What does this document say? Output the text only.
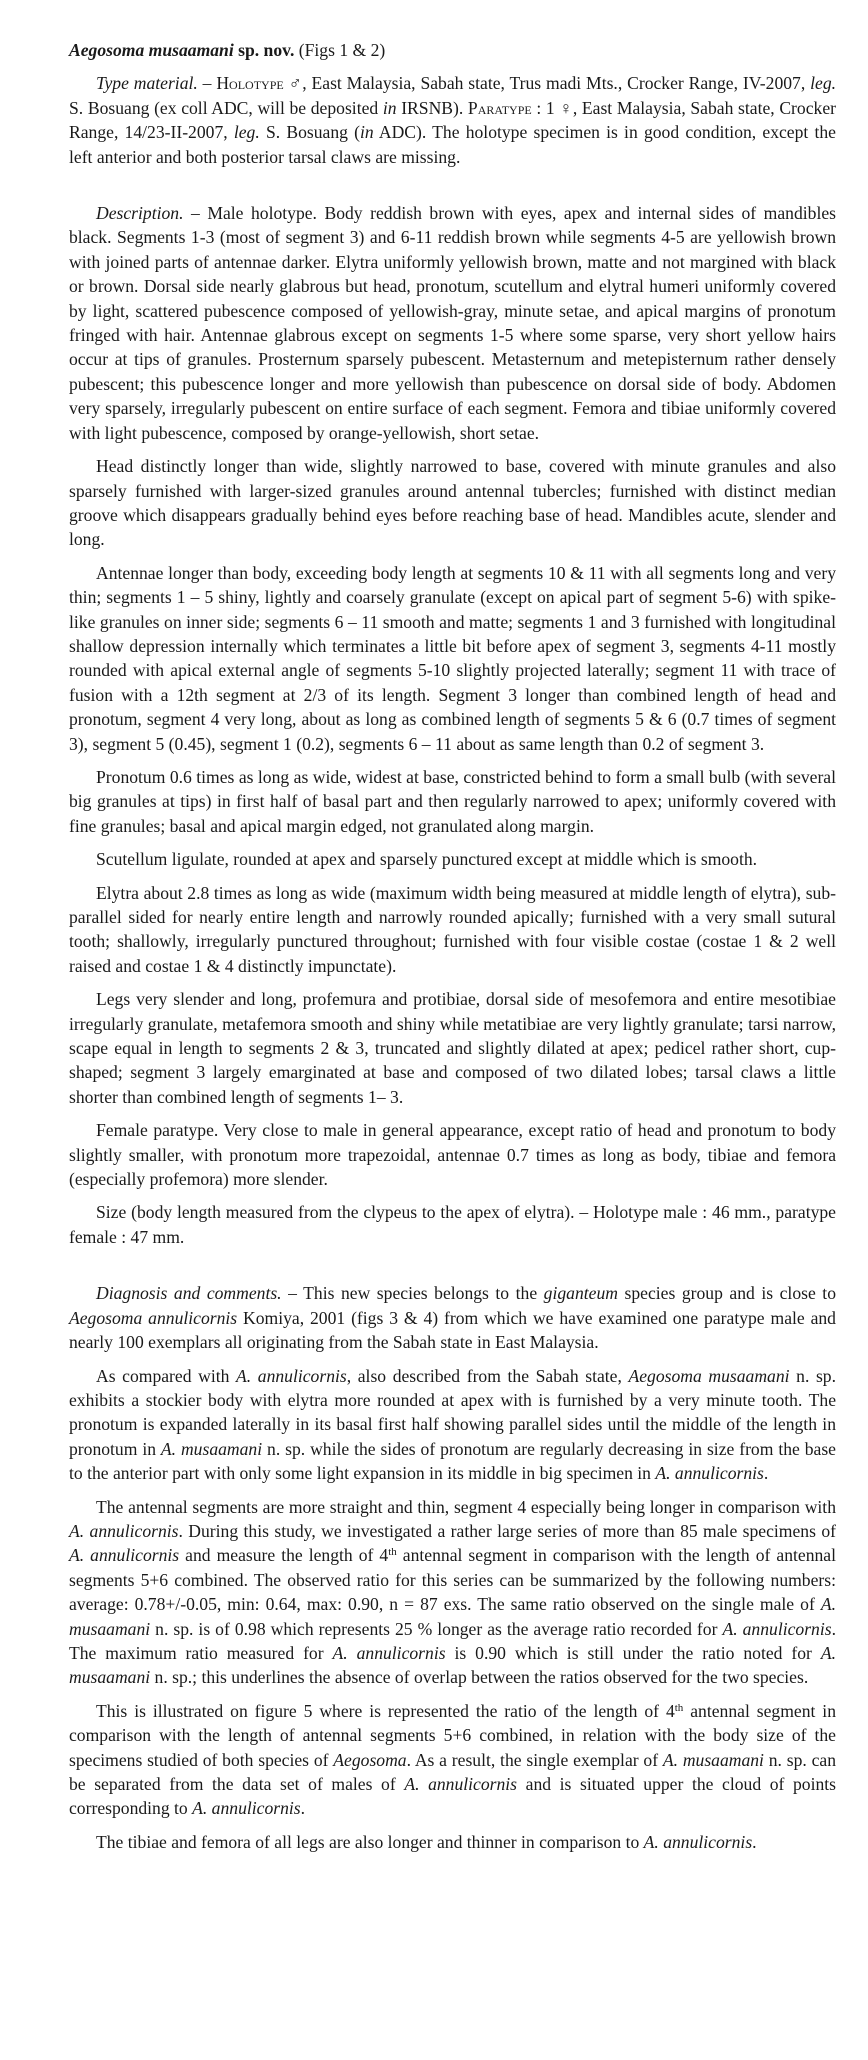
Aegosoma musaamani sp. nov. (Figs 1 & 2)

Type material. – Holotype ♂, East Malaysia, Sabah state, Trus madi Mts., Crocker Range, IV-2007, leg. S. Bosuang (ex coll ADC, will be deposited in IRSNB). Paratype : 1 ♀, East Malaysia, Sabah state, Crocker Range, 14/23-II-2007, leg. S. Bosuang (in ADC). The holotype specimen is in good condition, except the left anterior and both posterior tarsal claws are missing.

Description. – Male holotype. Body reddish brown with eyes, apex and internal sides of mandibles black. Segments 1-3 (most of segment 3) and 6-11 reddish brown while segments 4-5 are yellowish brown with joined parts of antennae darker. Elytra uniformly yellowish brown, matte and not margined with black or brown. Dorsal side nearly glabrous but head, pronotum, scutellum and elytral humeri uniformly covered by light, scattered pubescence composed of yellowish-gray, minute setae, and apical margins of pronotum fringed with hair. Antennae glabrous except on segments 1-5 where some sparse, very short yellow hairs occur at tips of granules. Prosternum sparsely pubescent. Metasternum and metepisternum rather densely pubescent; this pubescence longer and more yellowish than pubescence on dorsal side of body. Abdomen very sparsely, irregularly pubescent on entire surface of each segment. Femora and tibiae uniformly covered with light pubescence, composed by orange-yellowish, short setae.

Head distinctly longer than wide, slightly narrowed to base, covered with minute granules and also sparsely furnished with larger-sized granules around antennal tubercles; furnished with distinct median groove which disappears gradually behind eyes before reaching base of head. Mandibles acute, slender and long.

Antennae longer than body, exceeding body length at segments 10 & 11 with all segments long and very thin; segments 1 – 5 shiny, lightly and coarsely granulate (except on apical part of segment 5-6) with spike-like granules on inner side; segments 6 – 11 smooth and matte; segments 1 and 3 furnished with longitudinal shallow depression internally which terminates a little bit before apex of segment 3, segments 4-11 mostly rounded with apical external angle of segments 5-10 slightly projected laterally; segment 11 with trace of fusion with a 12th segment at 2/3 of its length. Segment 3 longer than combined length of head and pronotum, segment 4 very long, about as long as combined length of segments 5 & 6 (0.7 times of segment 3), segment 5 (0.45), segment 1 (0.2), segments 6 – 11 about as same length than 0.2 of segment 3.

Pronotum 0.6 times as long as wide, widest at base, constricted behind to form a small bulb (with several big granules at tips) in first half of basal part and then regularly narrowed to apex; uniformly covered with fine granules; basal and apical margin edged, not granulated along margin.

Scutellum ligulate, rounded at apex and sparsely punctured except at middle which is smooth.

Elytra about 2.8 times as long as wide (maximum width being measured at middle length of elytra), sub-parallel sided for nearly entire length and narrowly rounded apically; furnished with a very small sutural tooth; shallowly, irregularly punctured throughout; furnished with four visible costae (costae 1 & 2 well raised and costae 1 & 4 distinctly impunctate).

Legs very slender and long, profemura and protibiae, dorsal side of mesofemora and entire mesotibiae irregularly granulate, metafemora smooth and shiny while metatibiae are very lightly granulate; tarsi narrow, scape equal in length to segments 2 & 3, truncated and slightly dilated at apex; pedicel rather short, cup-shaped; segment 3 largely emarginated at base and composed of two dilated lobes; tarsal claws a little shorter than combined length of segments 1– 3.

Female paratype. Very close to male in general appearance, except ratio of head and pronotum to body slightly smaller, with pronotum more trapezoidal, antennae 0.7 times as long as body, tibiae and femora (especially profemora) more slender.

Size (body length measured from the clypeus to the apex of elytra). – Holotype male : 46 mm., paratype female : 47 mm.

Diagnosis and comments. – This new species belongs to the giganteum species group and is close to Aegosoma annulicornis Komiya, 2001 (figs 3 & 4) from which we have examined one paratype male and nearly 100 exemplars all originating from the Sabah state in East Malaysia.

As compared with A. annulicornis, also described from the Sabah state, Aegosoma musaamani n. sp. exhibits a stockier body with elytra more rounded at apex with is furnished by a very minute tooth. The pronotum is expanded laterally in its basal first half showing parallel sides until the middle of the length in pronotum in A. musaamani n. sp. while the sides of pronotum are regularly decreasing in size from the base to the anterior part with only some light expansion in its middle in big specimen in A. annulicornis.

The antennal segments are more straight and thin, segment 4 especially being longer in comparison with A. annulicornis. During this study, we investigated a rather large series of more than 85 male specimens of A. annulicornis and measure the length of 4th antennal segment in comparison with the length of antennal segments 5+6 combined. The observed ratio for this series can be summarized by the following numbers: average: 0.78+/-0.05, min: 0.64, max: 0.90, n = 87 exs. The same ratio observed on the single male of A. musaamani n. sp. is of 0.98 which represents 25 % longer as the average ratio recorded for A. annulicornis. The maximum ratio measured for A. annulicornis is 0.90 which is still under the ratio noted for A. musaamani n. sp.; this underlines the absence of overlap between the ratios observed for the two species.

This is illustrated on figure 5 where is represented the ratio of the length of 4th antennal segment in comparison with the length of antennal segments 5+6 combined, in relation with the body size of the specimens studied of both species of Aegosoma. As a result, the single exemplar of A. musaamani n. sp. can be separated from the data set of males of A. annulicornis and is situated upper the cloud of points corresponding to A. annulicornis.

The tibiae and femora of all legs are also longer and thinner in comparison to A. annulicornis.
